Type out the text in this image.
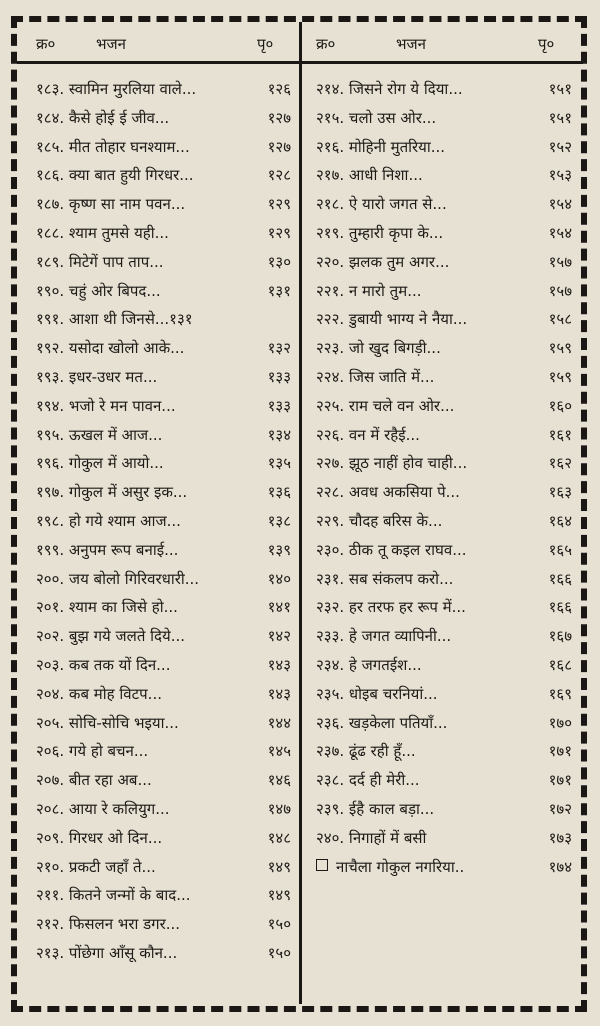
क्र०	भजन	पृ०	क्र०	भजन	पृ०
१८३. स्वामिन मुरलिया वाले...	१२६
१८४. कैसे होई ई जीव...	१२७
१८५. मीत तोहार घनश्याम...	१२७
१८६. क्या बात हुयी गिरधर...	१२८
१८७. कृष्ण सा नाम पवन...	१२९
१८८. श्याम तुमसे यही...	१२९
१८९. मिटेगें पाप ताप...	१३०
१९०. चहुं ओर बिपद...	१३१
१९१. आशा थी जिनसे...१३१
१९२. यसोदा खोलो आके...	१३२
१९३. इधर-उधर मत...	१३३
१९४. भजो रे मन पावन...	१३३
१९५. ऊखल में आज...	१३४
१९६. गोकुल में आयो...	१३५
१९७. गोकुल में असुर इक...	१३६
१९८. हो गये श्याम आज...	१३८
१९९. अनुपम रूप बनाई...	१३९
२००. जय बोलो गिरिवरधारी...	१४०
२०१. श्याम का जिसे हो...	१४१
२०२. बुझ गये जलते दिये...	१४२
२०३. कब तक यों दिन...	१४३
२०४. कब मोह विटप...	१४३
२०५. सोचि-सोचि भइया...	१४४
२०६. गये हो बचन...	१४५
२०७. बीत रहा अब...	१४६
२०८. आया रे कलियुग...	१४७
२०९. गिरधर ओ दिन...	१४८
२१०. प्रकटी जहाँ ते...	१४९
२११. कितने जन्मों के बाद...	१४९
२१२. फिसलन भरा डगर...	१५०
२१३. पोंछेगा आँसू कौन...	१५०
२१४. जिसने रोग ये दिया...	१५१
२१५. चलो उस ओर...	१५१
२१६. मोहिनी मुतरिया...	१५२
२१७. आधी निशा...	१५३
२१८. ऐ यारो जगत से...	१५४
२१९. तुम्हारी कृपा के...	१५४
२२०. झलक तुम अगर...	१५७
२२१. न मारो तुम...	१५७
२२२. डुबायी भाग्य ने नैया...	१५८
२२३. जो खुद बिगड़ी...	१५९
२२४. जिस जाति में...	१५९
२२५. राम चले वन ओर...	१६०
२२६. वन में रहैई...	१६१
२२७. झूठ नाहीं होव चाही...	१६२
२२८. अवध अकसिया पे...	१६३
२२९. चौदह बरिस के...	१६४
२३०. ठीक तू कइल राघव...	१६५
२३१. सब संकलप करो...	१६६
२३२. हर तरफ हर रूप में...	१६६
२३३. हे जगत व्यापिनी...	१६७
२३४. हे जगतईश...	१६८
२३५. धोइब चरनियां...	१६९
२३६. खड़केला पतियाँ...	१७०
२३७. ढूंढ रही हूँ...	१७१
२३८. दर्द ही मेरी...	१७१
२३९. ईहै काल बड़ा...	१७२
२४०. निगाहों में बसी	१७३
नाचैला गोकुल नगरिया..	१७४
